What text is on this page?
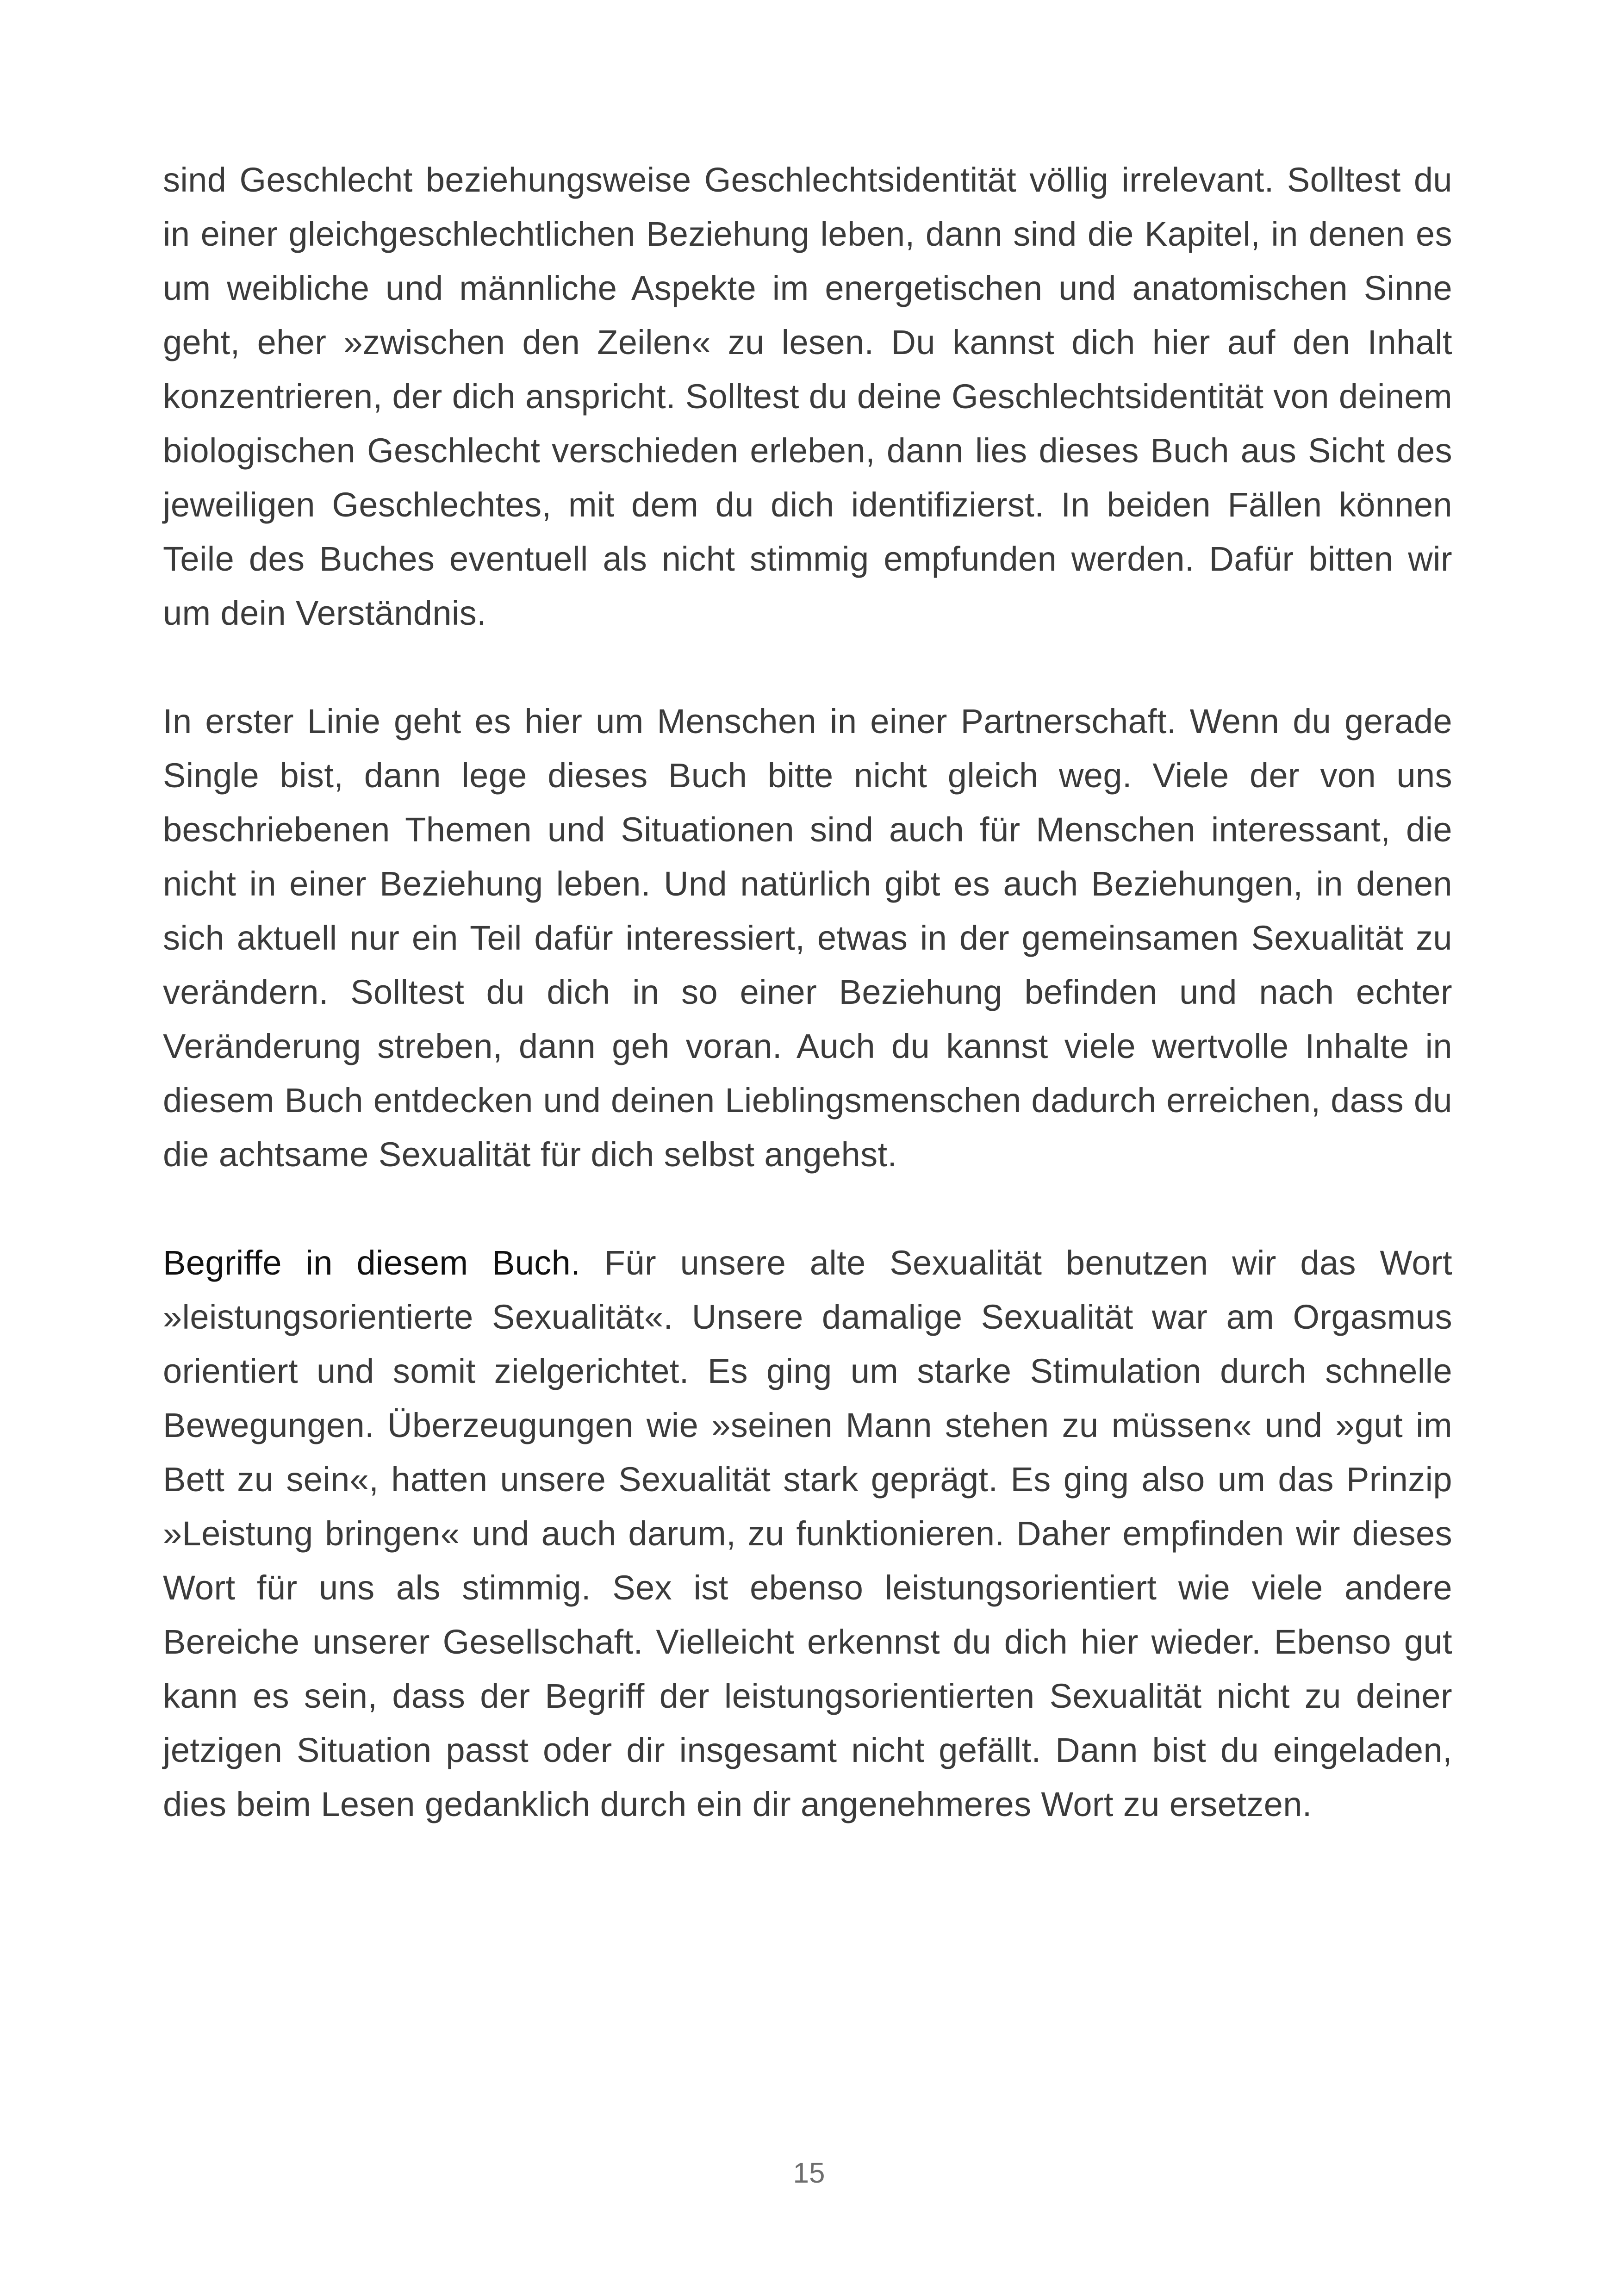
sind Geschlecht beziehungsweise Geschlechtsidentität völlig irrelevant. Solltest du in einer gleichgeschlechtlichen Beziehung leben, dann sind die Kapitel, in denen es um weibliche und männliche Aspekte im energetischen und anatomischen Sinne geht, eher »zwischen den Zeilen« zu lesen. Du kannst dich hier auf den Inhalt konzentrieren, der dich anspricht. Solltest du deine Geschlechtsidentität von deinem biologischen Geschlecht verschieden erleben, dann lies dieses Buch aus Sicht des jeweiligen Geschlechtes, mit dem du dich identifizierst. In beiden Fällen können Teile des Buches eventuell als nicht stimmig empfunden werden. Dafür bitten wir um dein Verständnis.

In erster Linie geht es hier um Menschen in einer Partnerschaft. Wenn du gerade Single bist, dann lege dieses Buch bitte nicht gleich weg. Viele der von uns beschriebenen Themen und Situationen sind auch für Menschen interessant, die nicht in einer Beziehung leben. Und natürlich gibt es auch Beziehungen, in denen sich aktuell nur ein Teil dafür interessiert, etwas in der gemeinsamen Sexualität zu verändern. Solltest du dich in so einer Beziehung befinden und nach echter Veränderung streben, dann geh voran. Auch du kannst viele wertvolle Inhalte in diesem Buch entdecken und deinen Lieblingsmenschen dadurch erreichen, dass du die achtsame Sexualität für dich selbst angehst.

Begriffe in diesem Buch. Für unsere alte Sexualität benutzen wir das Wort »leistungsorientierte Sexualität«. Unsere damalige Sexualität war am Orgasmus orientiert und somit zielgerichtet. Es ging um starke Stimulation durch schnelle Bewegungen. Überzeugungen wie »seinen Mann stehen zu müssen« und »gut im Bett zu sein«, hatten unsere Sexualität stark geprägt. Es ging also um das Prinzip »Leistung bringen« und auch darum, zu funktionieren. Daher empfinden wir dieses Wort für uns als stimmig. Sex ist ebenso leistungsorientiert wie viele andere Bereiche unserer Gesellschaft. Vielleicht erkennst du dich hier wieder. Ebenso gut kann es sein, dass der Begriff der leistungsorientierten Sexualität nicht zu deiner jetzigen Situation passt oder dir insgesamt nicht gefällt. Dann bist du eingeladen, dies beim Lesen gedanklich durch ein dir angenehmeres Wort zu ersetzen.

15
